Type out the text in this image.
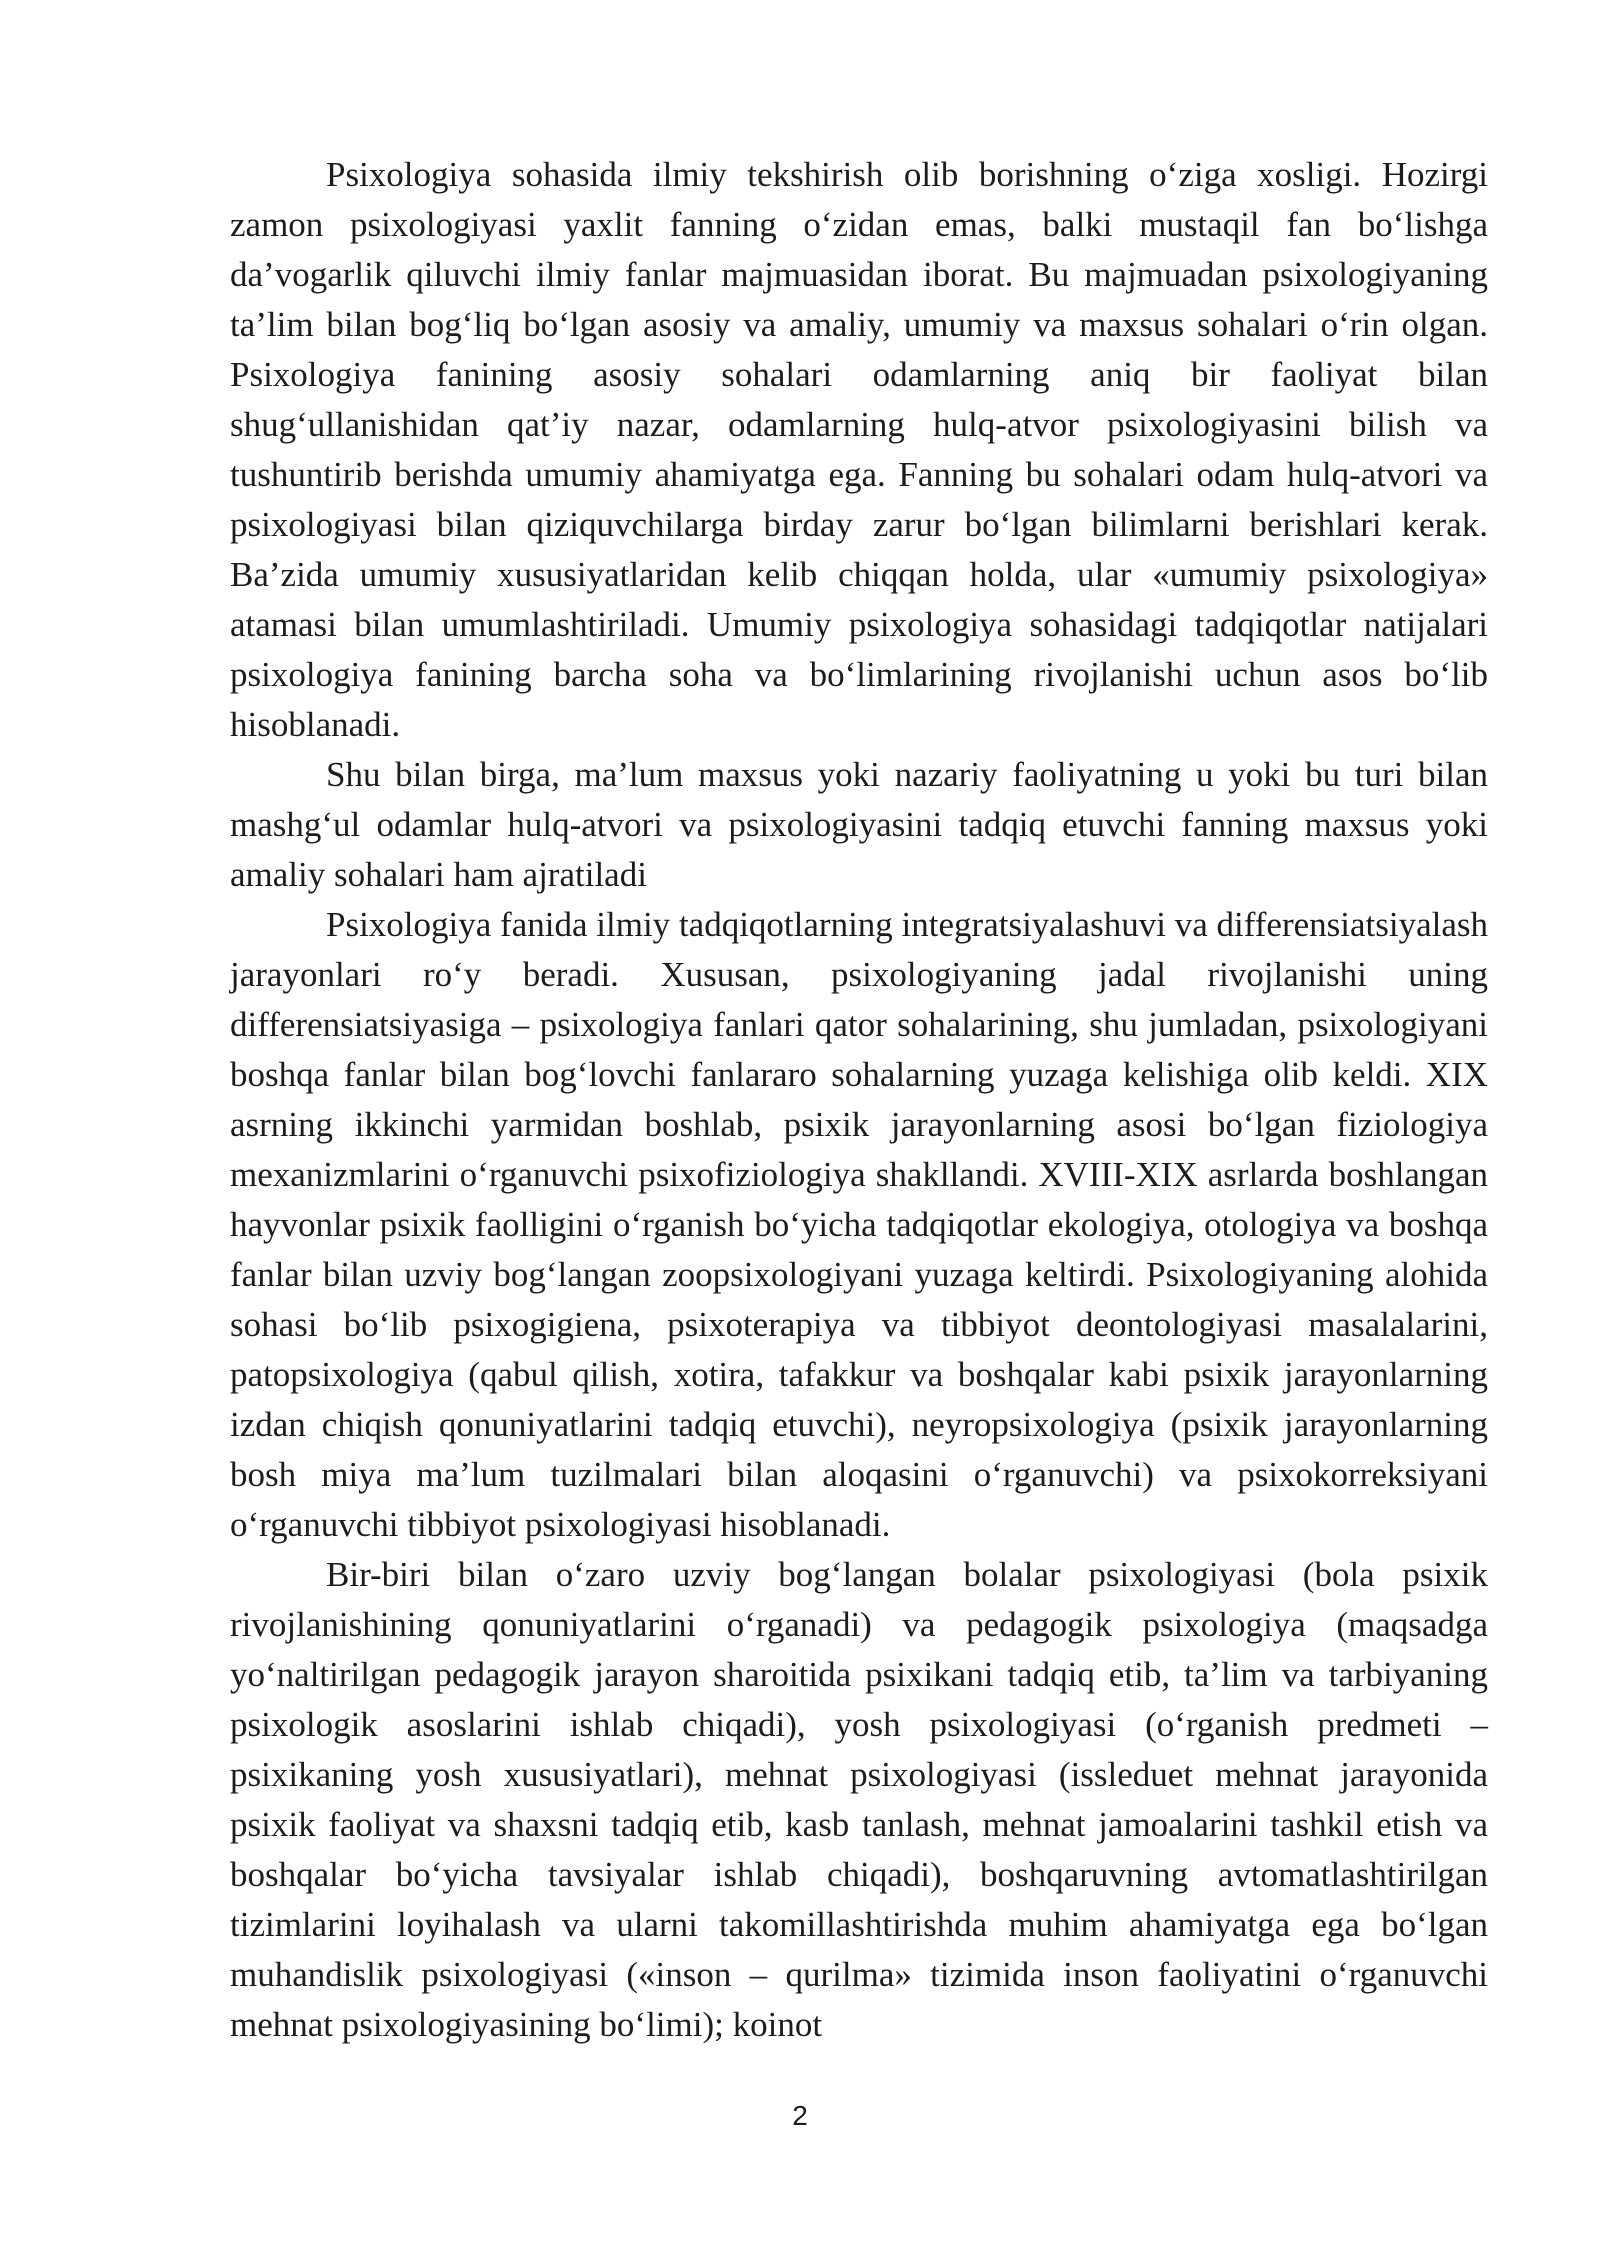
Psixologiya sohasida ilmiy tekshirish olib borishning o‘ziga xosligi. Hozirgi zamon psixologiyasi yaxlit fanning o‘zidan emas, balki mustaqil fan bo‘lishga da’vogarlik qiluvchi ilmiy fanlar majmuasidan iborat. Bu majmuadan psixologiyaning ta’lim bilan bog‘liq bo‘lgan asosiy va amaliy, umumiy va maxsus sohalari o‘rin olgan. Psixologiya fanining asosiy sohalari odamlarning aniq bir faoliyat bilan shug‘ullanishidan qat’iy nazar, odamlarning hulq-atvor psixologiyasini bilish va tushuntirib berishda umumiy ahamiyatga ega. Fanning bu sohalari odam hulq-atvori va psixologiyasi bilan qiziquvchilarga birday zarur bo‘lgan bilimlarni berishlari kerak. Ba’zida umumiy xususiyatlaridan kelib chiqqan holda, ular «umumiy psixologiya» atamasi bilan umumlashtiriladi. Umumiy psixologiya sohasidagi tadqiqotlar natijalari psixologiya fanining barcha soha va bo‘limlarining rivojlanishi uchun asos bo‘lib hisoblanadi.

Shu bilan birga, ma’lum maxsus yoki nazariy faoliyatning u yoki bu turi bilan mashg‘ul odamlar hulq-atvori va psixologiyasini tadqiq etuvchi fanning maxsus yoki amaliy sohalari ham ajratiladi

Psixologiya fanida ilmiy tadqiqotlarning integratsiyalashuvi va differensiatsiyalash jarayonlari ro‘y beradi. Xususan, psixologiyaning jadal rivojlanishi uning differensiatsiyasiga – psixologiya fanlari qator sohalarining, shu jumladan, psixologiyani boshqa fanlar bilan bog‘lovchi fanlararo sohalarning yuzaga kelishiga olib keldi. XIX asrning ikkinchi yarmidan boshlab, psixik jarayonlarning asosi bo‘lgan fiziologiya mexanizmlarini o‘rganuvchi psixofiziologiya shakllandi. XVIII-XIX asrlarda boshlangan hayvonlar psixik faolligini o‘rganish bo‘yicha tadqiqotlar ekologiya, otologiya va boshqa fanlar bilan uzviy bog‘langan zoopsixologiyani yuzaga keltirdi. Psixologiyaning alohida sohasi bo‘lib psixogigiena, psixoterapiya va tibbiyot deontologiyasi masalalarini, patopsixologiya (qabul qilish, xotira, tafakkur va boshqalar kabi psixik jarayonlarning izdan chiqish qonuniyatlarini tadqiq etuvchi), neyropsixologiya (psixik jarayonlarning bosh miya ma’lum tuzilmalari bilan aloqasini o‘rganuvchi) va psixokorreksiyani o‘rganuvchi tibbiyot psixologiyasi hisoblanadi.

Bir-biri bilan o‘zaro uzviy bog‘langan bolalar psixologiyasi (bola psixik rivojlanishining qonuniyatlarini o‘rganadi) va pedagogik psixologiya (maqsadga yo‘naltirilgan pedagogik jarayon sharoitida psixikani tadqiq etib, ta’lim va tarbiyaning psixologik asoslarini ishlab chiqadi), yosh psixologiyasi (o‘rganish predmeti – psixikaning yosh xususiyatlari), mehnat psixologiyasi (issleduet mehnat jarayonida psixik faoliyat va shaxsni tadqiq etib, kasb tanlash, mehnat jamoalarini tashkil etish va boshqalar bo‘yicha tavsiyalar ishlab chiqadi), boshqaruvning avtomatlashtirilgan tizimlarini loyihalash va ularni takomillashtirishda muhim ahamiyatga ega bo‘lgan muhandislik psixologiyasi («inson – qurilma» tizimida inson faoliyatini o‘rganuvchi mehnat psixologiyasining bo‘limi); koinot

2
